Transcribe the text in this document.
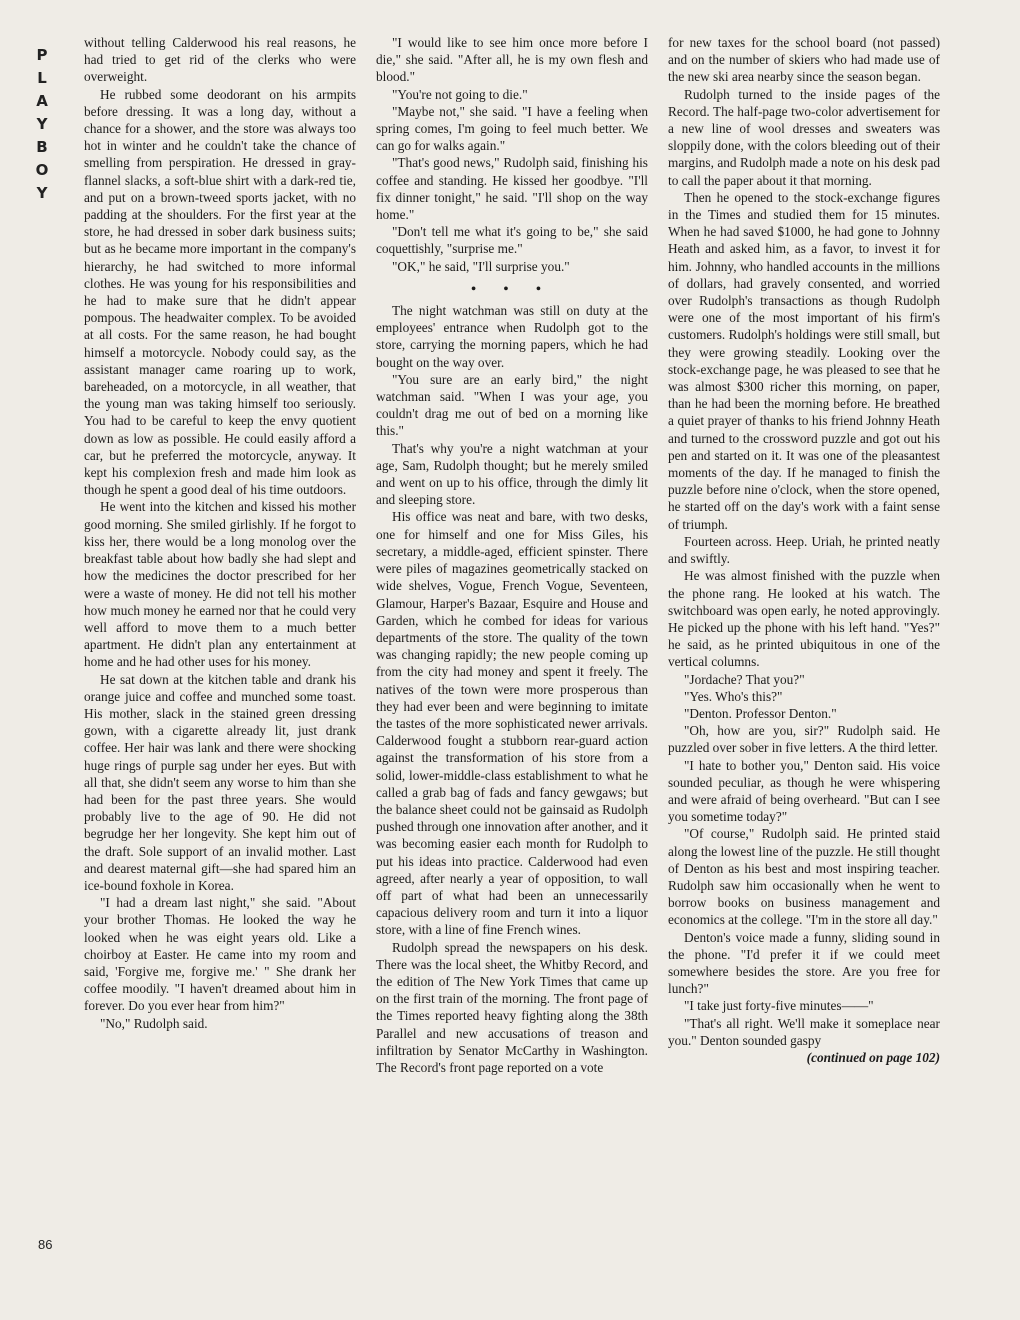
P
L
A
Y
B
O
Y

without telling Calderwood his real reasons, he had tried to get rid of the clerks who were overweight.

He rubbed some deodorant on his armpits before dressing. It was a long day, without a chance for a shower, and the store was always too hot in winter and he couldn't take the chance of smelling from perspiration. He dressed in gray-flannel slacks, a soft-blue shirt with a dark-red tie, and put on a brown-tweed sports jacket, with no padding at the shoulders. For the first year at the store, he had dressed in sober dark business suits; but as he became more important in the company's hierarchy, he had switched to more informal clothes. He was young for his responsibilities and he had to make sure that he didn't appear pompous. The headwaiter complex. To be avoided at all costs. For the same reason, he had bought himself a motorcycle. Nobody could say, as the assistant manager came roaring up to work, bareheaded, on a motorcycle, in all weather, that the young man was taking himself too seriously. You had to be careful to keep the envy quotient down as low as possible. He could easily afford a car, but he preferred the motorcycle, anyway. It kept his complexion fresh and made him look as though he spent a good deal of his time outdoors.

He went into the kitchen and kissed his mother good morning. She smiled girlishly. If he forgot to kiss her, there would be a long monolog over the breakfast table about how badly she had slept and how the medicines the doctor prescribed for her were a waste of money. He did not tell his mother how much money he earned nor that he could very well afford to move them to a much better apartment. He didn't plan any entertainment at home and he had other uses for his money.

He sat down at the kitchen table and drank his orange juice and coffee and munched some toast. His mother, slack in the stained green dressing gown, with a cigarette already lit, just drank coffee. Her hair was lank and there were shocking huge rings of purple sag under her eyes. But with all that, she didn't seem any worse to him than she had been for the past three years. She would probably live to the age of 90. He did not begrudge her her longevity. She kept him out of the draft. Sole support of an invalid mother. Last and dearest maternal gift—she had spared him an ice-bound foxhole in Korea.

"I had a dream last night," she said. "About your brother Thomas. He looked the way he looked when he was eight years old. Like a choirboy at Easter. He came into my room and said, 'Forgive me, forgive me.' " She drank her coffee moodily. "I haven't dreamed about him in forever. Do you ever hear from him?"

"No," Rudolph said.

"I would like to see him once more before I die," she said. "After all, he is my own flesh and blood."

"You're not going to die."

"Maybe not," she said. "I have a feeling when spring comes, I'm going to feel much better. We can go for walks again."

"That's good news," Rudolph said, finishing his coffee and standing. He kissed her goodbye. "I'll fix dinner tonight," he said. "I'll shop on the way home."

"Don't tell me what it's going to be," she said coquettishly, "surprise me."

"OK," he said, "I'll surprise you."

• • •

The night watchman was still on duty at the employees' entrance when Rudolph got to the store, carrying the morning papers, which he had bought on the way over.

"You sure are an early bird," the night watchman said. "When I was your age, you couldn't drag me out of bed on a morning like this."

That's why you're a night watchman at your age, Sam, Rudolph thought; but he merely smiled and went on up to his office, through the dimly lit and sleeping store.

His office was neat and bare, with two desks, one for himself and one for Miss Giles, his secretary, a middle-aged, efficient spinster. There were piles of magazines geometrically stacked on wide shelves, Vogue, French Vogue, Seventeen, Glamour, Harper's Bazaar, Esquire and House and Garden, which he combed for ideas for various departments of the store. The quality of the town was changing rapidly; the new people coming up from the city had money and spent it freely. The natives of the town were more prosperous than they had ever been and were beginning to imitate the tastes of the more sophisticated newer arrivals. Calderwood fought a stubborn rear-guard action against the transformation of his store from a solid, lower-middle-class establishment to what he called a grab bag of fads and fancy gewgaws; but the balance sheet could not be gainsaid as Rudolph pushed through one innovation after another, and it was becoming easier each month for Rudolph to put his ideas into practice. Calderwood had even agreed, after nearly a year of opposition, to wall off part of what had been an unnecessarily capacious delivery room and turn it into a liquor store, with a line of fine French wines.

Rudolph spread the newspapers on his desk. There was the local sheet, the Whitby Record, and the edition of The New York Times that came up on the first train of the morning. The front page of the Times reported heavy fighting along the 38th Parallel and new accusations of treason and infiltration by Senator McCarthy in Washington. The Record's front page reported on a vote

for new taxes for the school board (not passed) and on the number of skiers who had made use of the new ski area nearby since the season began.

Rudolph turned to the inside pages of the Record. The half-page two-color advertisement for a new line of wool dresses and sweaters was sloppily done, with the colors bleeding out of their margins, and Rudolph made a note on his desk pad to call the paper about it that morning.

Then he opened to the stock-exchange figures in the Times and studied them for 15 minutes. When he had saved $1000, he had gone to Johnny Heath and asked him, as a favor, to invest it for him. Johnny, who handled accounts in the millions of dollars, had gravely consented, and worried over Rudolph's transactions as though Rudolph were one of the most important of his firm's customers. Rudolph's holdings were still small, but they were growing steadily. Looking over the stock-exchange page, he was pleased to see that he was almost $300 richer this morning, on paper, than he had been the morning before. He breathed a quiet prayer of thanks to his friend Johnny Heath and turned to the crossword puzzle and got out his pen and started on it. It was one of the pleasantest moments of the day. If he managed to finish the puzzle before nine o'clock, when the store opened, he started off on the day's work with a faint sense of triumph.

Fourteen across. Heep. Uriah, he printed neatly and swiftly.

He was almost finished with the puzzle when the phone rang. He looked at his watch. The switchboard was open early, he noted approvingly. He picked up the phone with his left hand. "Yes?" he said, as he printed ubiquitous in one of the vertical columns.

"Jordache? That you?"

"Yes. Who's this?"

"Denton. Professor Denton."

"Oh, how are you, sir?" Rudolph said. He puzzled over sober in five letters. A the third letter.

"I hate to bother you," Denton said. His voice sounded peculiar, as though he were whispering and were afraid of being overheard. "But can I see you sometime today?"

"Of course," Rudolph said. He printed staid along the lowest line of the puzzle. He still thought of Denton as his best and most inspiring teacher. Rudolph saw him occasionally when he went to borrow books on business management and economics at the college. "I'm in the store all day."

Denton's voice made a funny, sliding sound in the phone. "I'd prefer it if we could meet somewhere besides the store. Are you free for lunch?"

"I take just forty-five minutes——"

"That's all right. We'll make it someplace near you." Denton sounded gaspy

(continued on page 102)

86
